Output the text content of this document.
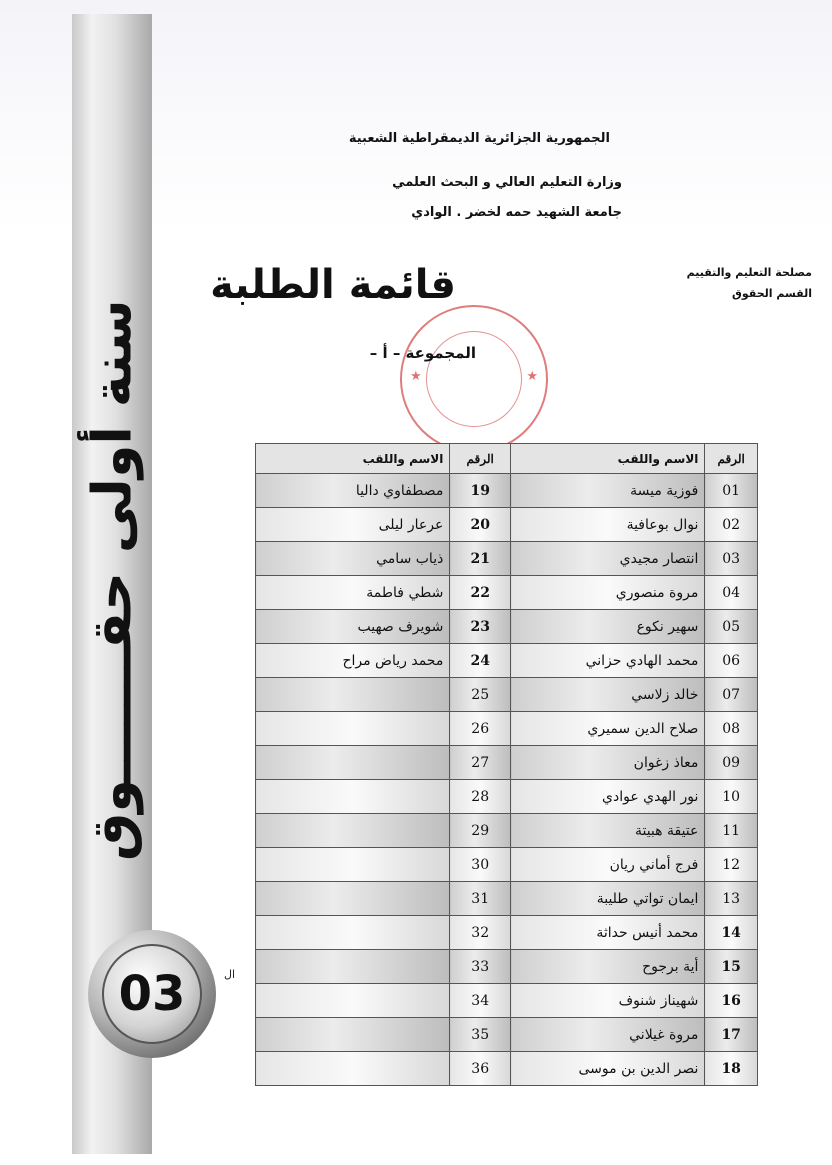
سنة أولى حقـــــــوق
03	ال
الجمهورية الجزائرية الديمقراطية الشعبية
وزارة التعليم العالي و البحث العلمي
جامعة الشهيد حمه لخضر . الوادي
مصلحة التعليم والتقييم
القسم الحقوق
قائمة الطلبة
★	★
المجموعة – أ –
الرقم	الاسم واللقب	الرقم	الاسم واللقب
01	فوزية ميسة	19	مصطفاوي داليا
02	نوال بوعافية	20	عرعار ليلى
03	انتصار مجيدي	21	ذياب سامي
04	مروة منصوري	22	شطي فاطمة
05	سهير نكوع	23	شويرف صهيب
06	محمد الهادي حزاني	24	محمد رياض مراح
07	خالد زلاسي	25	
08	صلاح الدين سميري	26	
09	معاذ زغوان	27	
10	نور الهدي عوادي	28	
11	عتيقة هبيتة	29	
12	فرج أماني ريان	30	
13	ايمان تواتي طليبة	31	
14	محمد أنيس حداثة	32	
15	أية برجوح	33	
16	شهيناز شنوف	34	
17	مروة غيلاني	35	
18	نصر الدين بن موسى	36	
